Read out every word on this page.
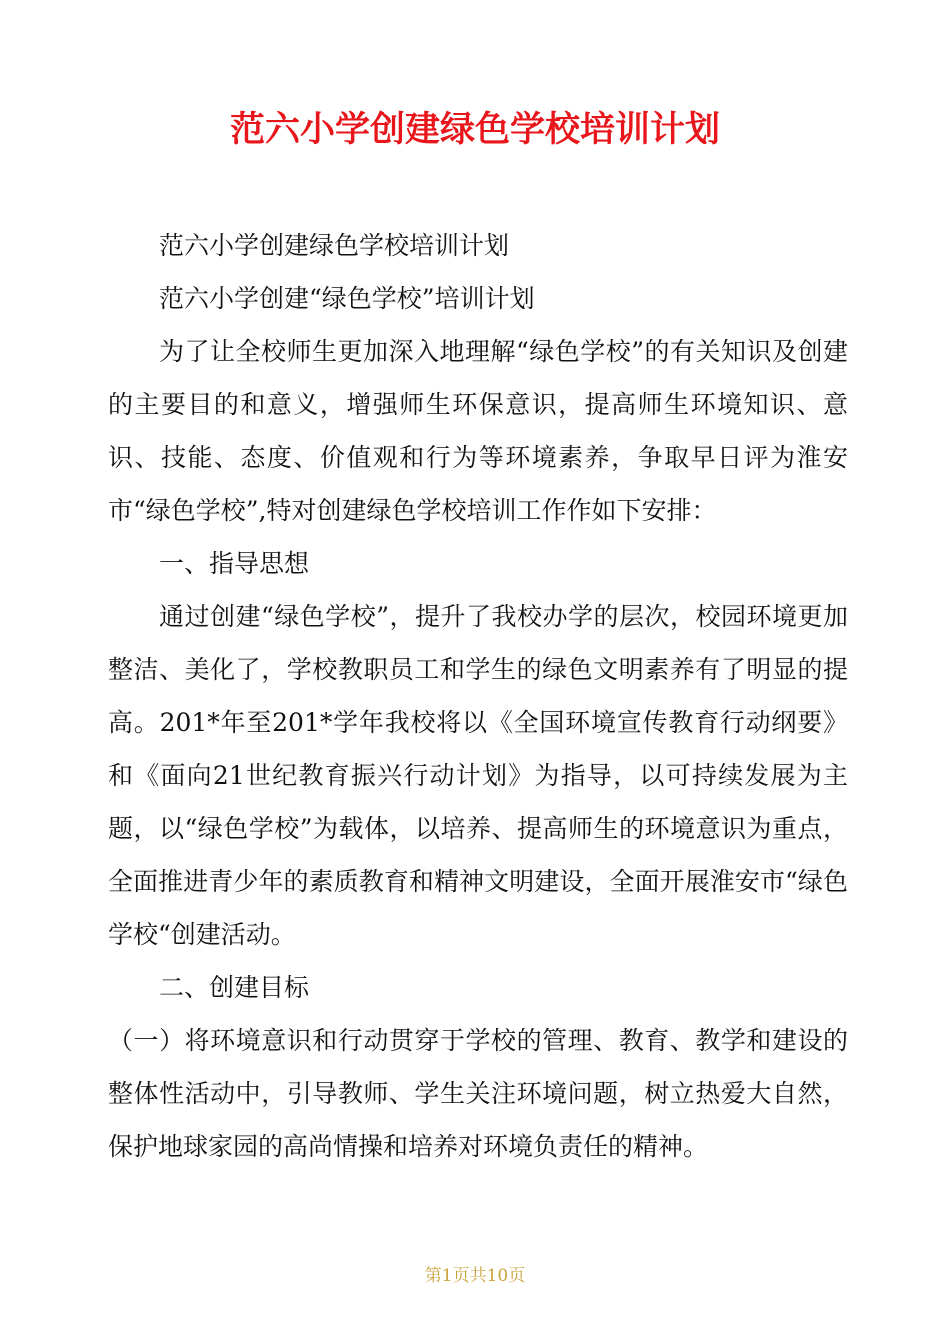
范六小学创建绿色学校培训计划

范六小学创建绿色学校培训计划

范六小学创建“绿色学校”培训计划

为了让全校师生更加深入地理解“绿色学校”的有关知识及创建的主要目的和意义，增强师生环保意识，提高师生环境知识、意识、技能、态度、价值观和行为等环境素养，争取早日评为淮安市“绿色学校”,特对创建绿色学校培训工作作如下安排：

一、指导思想

通过创建“绿色学校”，提升了我校办学的层次，校园环境更加整洁、美化了，学校教职员工和学生的绿色文明素养有了明显的提高。201*年至201*学年我校将以《全国环境宣传教育行动纲要》和《面向21世纪教育振兴行动计划》为指导，以可持续发展为主题，以“绿色学校”为载体，以培养、提高师生的环境意识为重点，全面推进青少年的素质教育和精神文明建设，全面开展淮安市“绿色学校“创建活动。

二、创建目标

（一）将环境意识和行动贯穿于学校的管理、教育、教学和建设的整体性活动中，引导教师、学生关注环境问题，树立热爱大自然，保护地球家园的高尚情操和培养对环境负责任的精神。

第1页共10页
